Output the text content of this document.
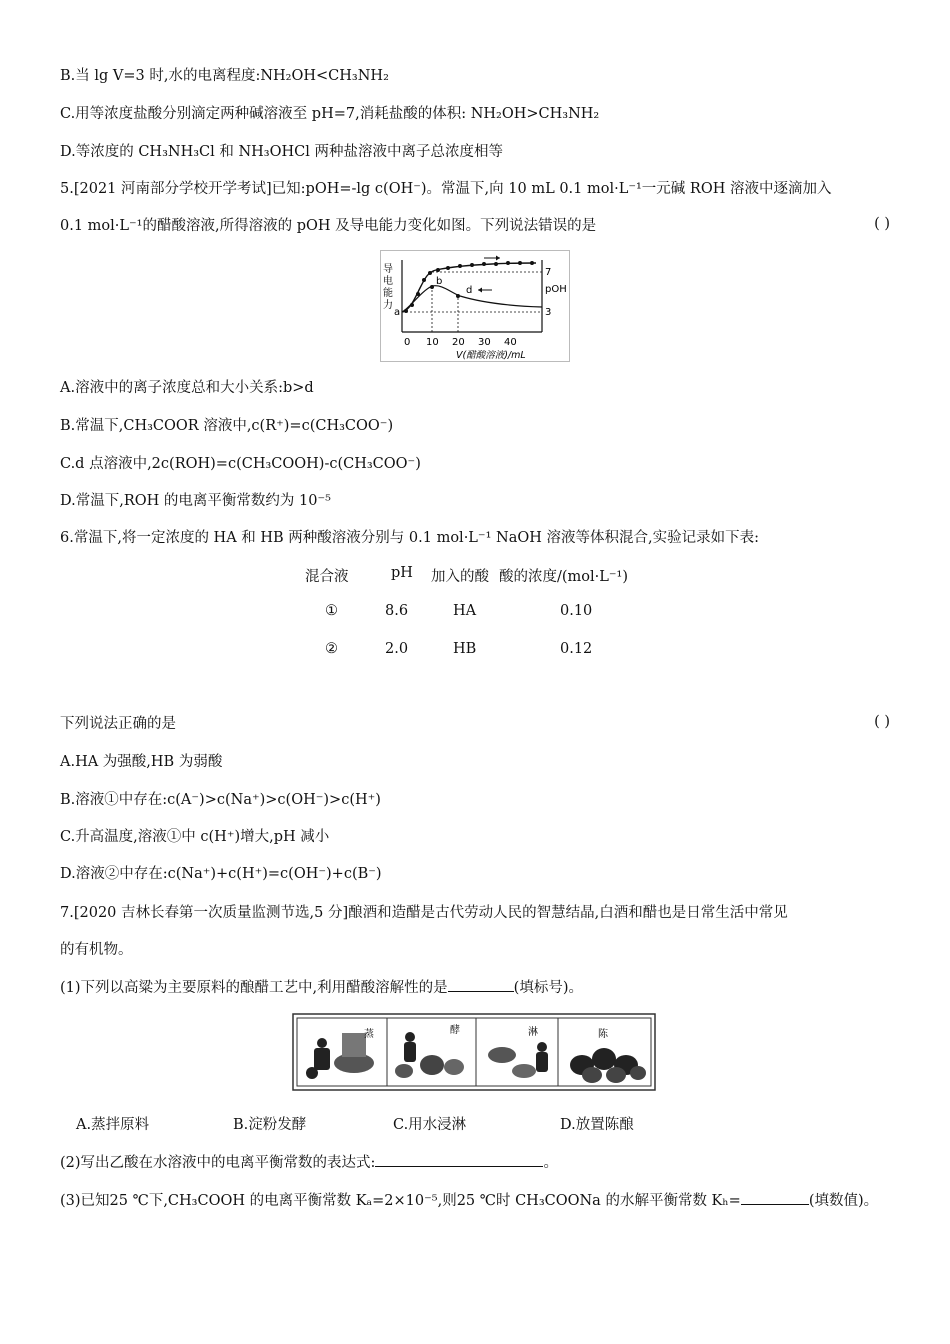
B.当 lg V=3 时,水的电离程度:NH₂OH<CH₃NH₂
C.用等浓度盐酸分别滴定两种碱溶液至 pH=7,消耗盐酸的体积: NH₂OH>CH₃NH₂
D.等浓度的 CH₃NH₃Cl 和 NH₃OHCl 两种盐溶液中离子总浓度相等
5.[2021 河南部分学校开学考试]已知:pOH=-lg c(OH⁻)。常温下,向 10 mL 0.1 mol·L⁻¹一元碱 ROH 溶液中逐滴加入
0.1 mol·L⁻¹的醋酸溶液,所得溶液的 pOH 及导电能力变化如图。下列说法错误的是	( )
导
电
能
力
a
b
d
7
pOH
3
0 10 20 30 40
V(醋酸溶液)/mL
A.溶液中的离子浓度总和大小关系:b>d
B.常温下,CH₃COOR 溶液中,c(R⁺)=c(CH₃COO⁻)
C.d 点溶液中,2c(ROH)=c(CH₃COOH)-c(CH₃COO⁻)
D.常温下,ROH 的电离平衡常数约为 10⁻⁵
6.常温下,将一定浓度的 HA 和 HB 两种酸溶液分别与 0.1 mol·L⁻¹ NaOH 溶液等体积混合,实验记录如下表:
混合液	pH 加入的酸 酸的浓度/(mol·L⁻¹)
①	8.6	HA	0.10
②	2.0	HB	0.12
下列说法正确的是	( )
A.HA 为强酸,HB 为弱酸
B.溶液①中存在:c(A⁻)>c(Na⁺)>c(OH⁻)>c(H⁺)
C.升高温度,溶液①中 c(H⁺)增大,pH 减小
D.溶液②中存在:c(Na⁺)+c(H⁺)=c(OH⁻)+c(B⁻)
7.[2020 吉林长春第一次质量监测节选,5 分]酿酒和造醋是古代劳动人民的智慧结晶,白酒和醋也是日常生活中常见
的有机物。
(1)下列以高粱为主要原料的酿醋工艺中,利用醋酸溶解性的是	(填标号)。
蒸	酵	淋	陈
A.蒸拌原料	B.淀粉发酵	C.用水浸淋	D.放置陈酿
(2)写出乙酸在水溶液中的电离平衡常数的表达式:	。
(3)已知25 ℃下,CH₃COOH 的电离平衡常数 Kₐ=2×10⁻⁵,则25 ℃时 CH₃COONa 的水解平衡常数 Kₕ=	(填数值)。
